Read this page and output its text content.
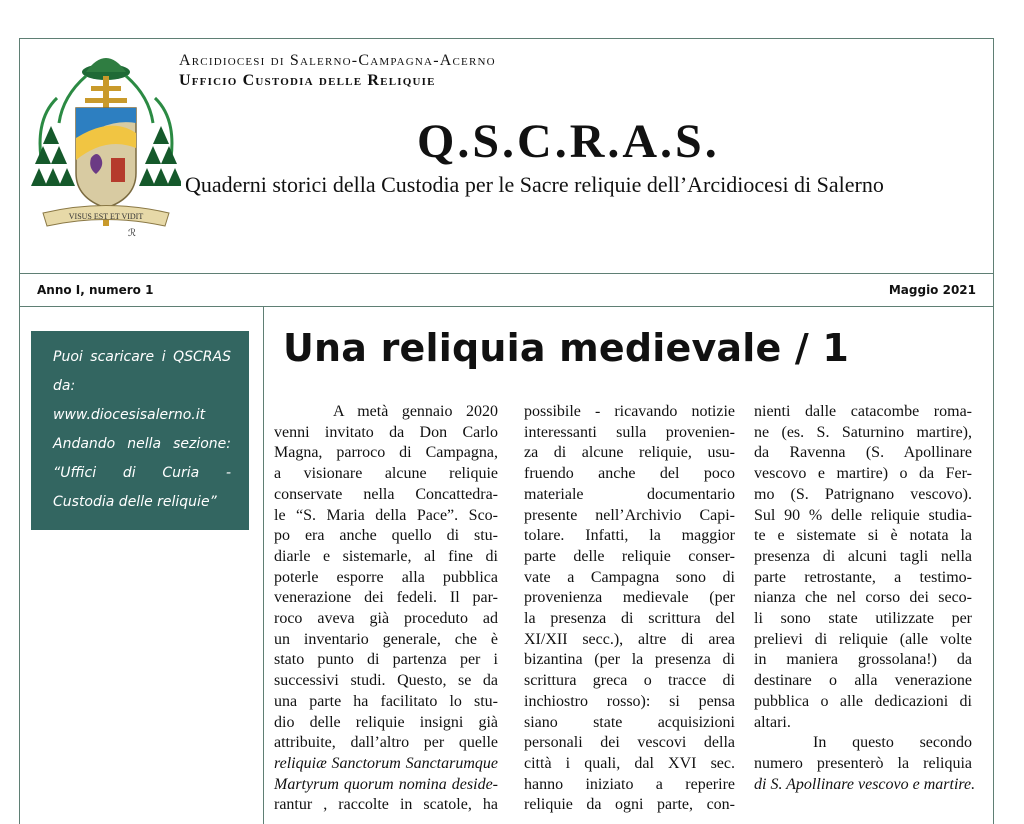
VISUS EST ET VIDIT
Arcidiocesi di Salerno-Campagna-Acerno
Ufficio Custodia delle Reliquie
Q.S.C.R.A.S.
Quaderni storici della Custodia per le Sacre reliquie dell’Arcidiocesi di Salerno
ℛ
Anno I, numero 1	Maggio 2021
Puoi scaricare i QSCRAS
da: www.diocesisalerno.it
Andando nella sezione:
“Uffici di Curia -
Custodia delle reliquie”
Una reliquia medievale / 1
A metà gennaio 2020
venni invitato da Don Carlo
Magna, parroco di Campagna,
a visionare alcune reliquie
conservate nella Concattedra-
le “S. Maria della Pace”. Sco-
po era anche quello di stu-
diarle e sistemarle, al fine di
poterle esporre alla pubblica
venerazione dei fedeli. Il par-
roco aveva già proceduto ad
un inventario generale, che è
stato punto di partenza per i
successivi studi. Questo, se da
una parte ha facilitato lo stu-
dio delle reliquie insigni già
attribuite, dall’altro per quelle
reliquiæ Sanctorum Sanctarumque
Martyrum quorum nomina deside-
rantur , raccolte in scatole, ha
possibile - ricavando notizie
interessanti sulla provenien-
za di alcune reliquie, usu-
fruendo anche del poco
materiale documentario
presente nell’Archivio Capi-
tolare. Infatti, la maggior
parte delle reliquie conser-
vate a Campagna sono di
provenienza medievale (per
la presenza di scrittura del
XI/XII secc.), altre di area
bizantina (per la presenza di
scrittura greca o tracce di
inchiostro rosso): si pensa
siano state acquisizioni
personali dei vescovi della
città i quali, dal XVI sec.
hanno iniziato a reperire
reliquie da ogni parte, con-
nienti dalle catacombe roma-
ne (es. S. Saturnino martire),
da Ravenna (S. Apollinare
vescovo e martire) o da Fer-
mo (S. Patrignano vescovo).
Sul 90 % delle reliquie studia-
te e sistemate si è notata la
presenza di alcuni tagli nella
parte retrostante, a testimo-
nianza che nel corso dei seco-
li sono state utilizzate per
prelievi di reliquie (alle volte
in maniera grossolana!) da
destinare o alla venerazione
pubblica o alle dedicazioni di
altari.
In questo secondo
numero presenterò la reliquia
di S. Apollinare vescovo e martire.
